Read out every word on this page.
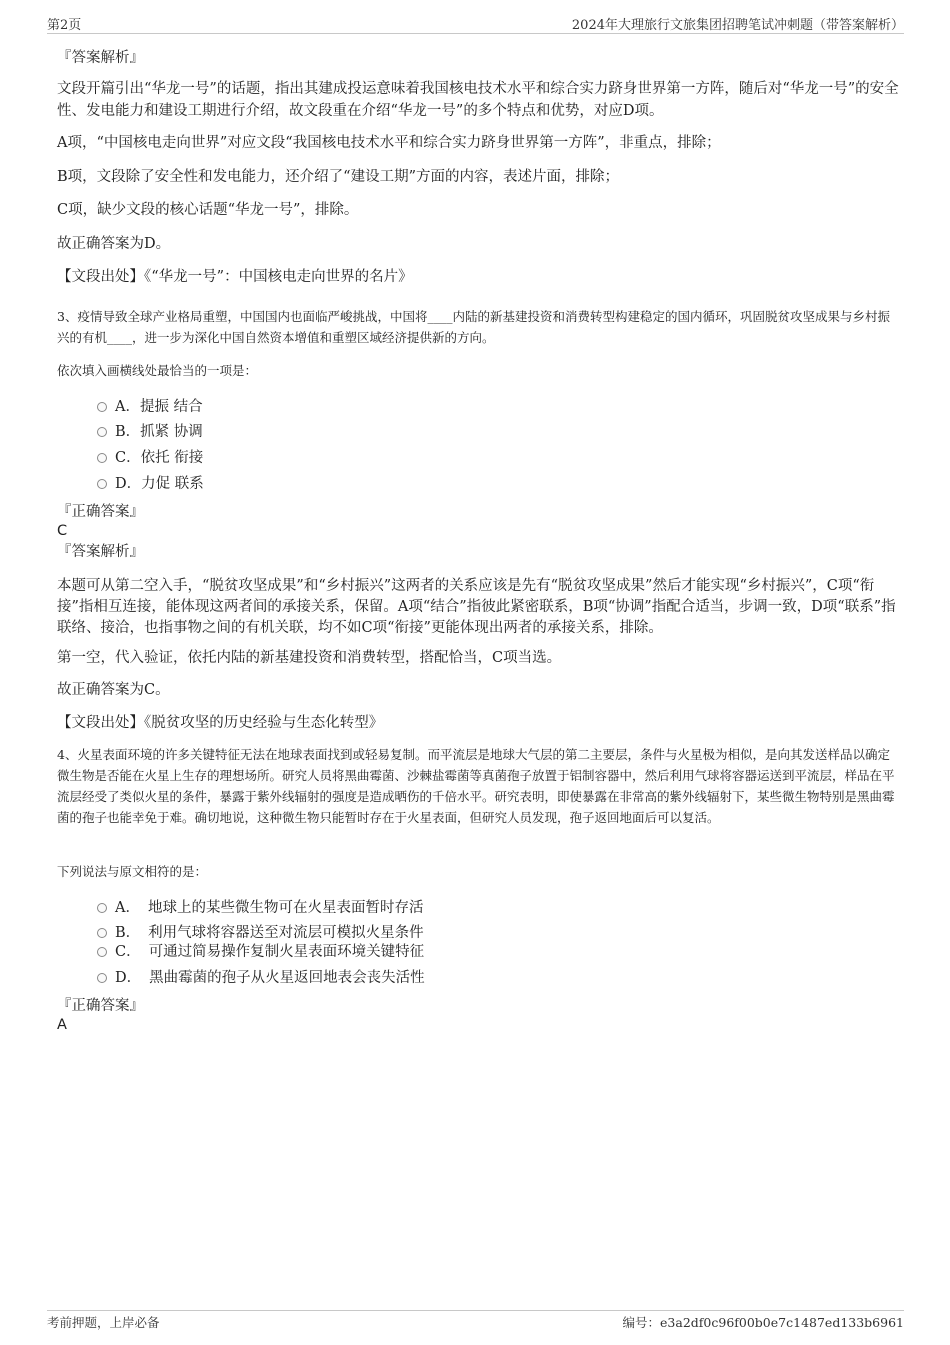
第2页	2024年大理旅行文旅集团招聘笔试冲刺题（带答案解析）
『答案解析』
文段开篇引出“华龙一号”的话题，指出其建成投运意味着我国核电技术水平和综合实力跻身世界第一方阵，随后对“华龙一号”的安全性、发电能力和建设工期进行介绍，故文段重在介绍“华龙一号”的多个特点和优势，对应D项。
A项，“中国核电走向世界”对应文段“我国核电技术水平和综合实力跻身世界第一方阵”，非重点，排除；
B项，文段除了安全性和发电能力，还介绍了“建设工期”方面的内容，表述片面，排除；
C项，缺少文段的核心话题“华龙一号”，排除。
故正确答案为D。
【文段出处】《“华龙一号”：中国核电走向世界的名片》
3、疫情导致全球产业格局重塑，中国国内也面临严峻挑战，中国将____内陆的新基建投资和消费转型构建稳定的国内循环，巩固脱贫攻坚成果与乡村振兴的有机____，进一步为深化中国自然资本增值和重塑区域经济提供新的方向。
依次填入画横线处最恰当的一项是：
A．提振 结合
B．抓紧 协调
C．依托 衔接
D．力促 联系
『正确答案』
C
『答案解析』
本题可从第二空入手，“脱贫攻坚成果”和“乡村振兴”这两者的关系应该是先有“脱贫攻坚成果”然后才能实现“乡村振兴”，C项“衔接”指相互连接，能体现这两者间的承接关系，保留。A项“结合”指彼此紧密联系，B项“协调”指配合适当，步调一致，D项“联系”指联络、接洽，也指事物之间的有机关联，均不如C项“衔接”更能体现出两者的承接关系，排除。
第一空，代入验证，依托内陆的新基建投资和消费转型，搭配恰当，C项当选。
故正确答案为C。
【文段出处】《脱贫攻坚的历史经验与生态化转型》
4、火星表面环境的许多关键特征无法在地球表面找到或轻易复制。而平流层是地球大气层的第二主要层，条件与火星极为相似，是向其发送样品以确定微生物是否能在火星上生存的理想场所。研究人员将黑曲霉菌、沙棘盐霉菌等真菌孢子放置于铝制容器中，然后利用气球将容器运送到平流层，样品在平流层经受了类似火星的条件，暴露于紫外线辐射的强度是造成晒伤的千倍水平。研究表明，即使暴露在非常高的紫外线辐射下，某些微生物特别是黑曲霉菌的孢子也能幸免于难。确切地说，这种微生物只能暂时存在于火星表面，但研究人员发现，孢子返回地面后可以复活。
下列说法与原文相符的是：
A． 地球上的某些微生物可在火星表面暂时存活
B． 利用气球将容器送至对流层可模拟火星条件
C． 可通过简易操作复制火星表面环境关键特征
D． 黑曲霉菌的孢子从火星返回地表会丧失活性
『正确答案』
A
考前押题，上岸必备	编号：e3a2df0c96f00b0e7c1487ed133b6961
